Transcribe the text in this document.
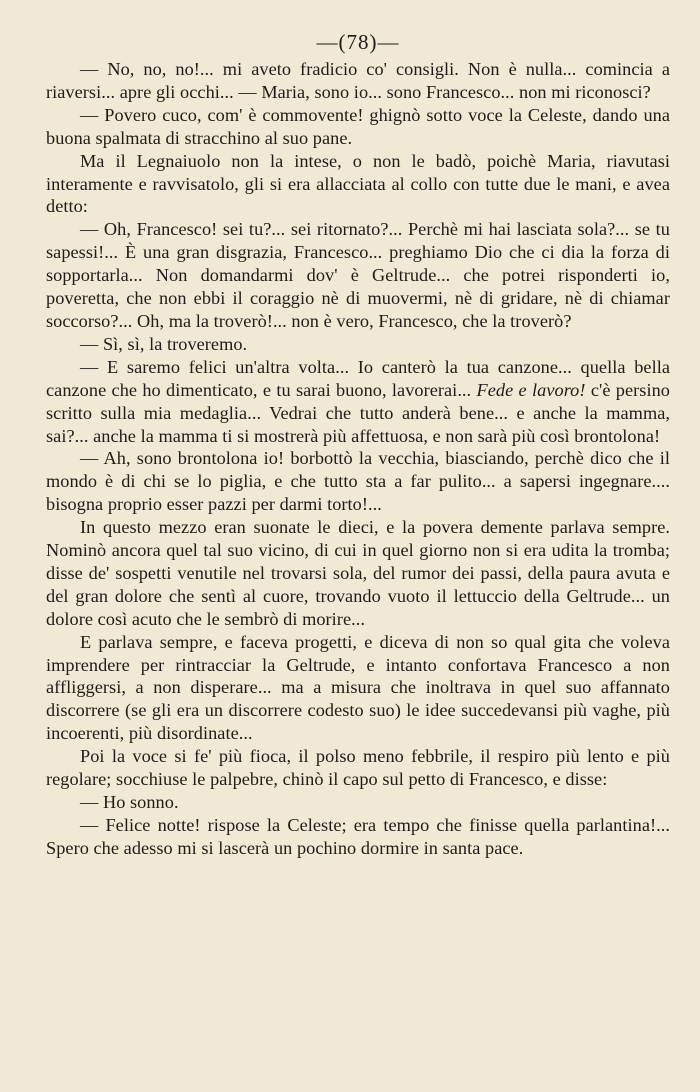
—(78)—

— No, no, no!... mi aveto fradicio co' consigli. Non è nulla... comincia a riaversi... apre gli occhi... — Maria, sono io... sono Francesco... non mi riconosci?

— Povero cuco, com' è commovente! ghignò sotto voce la Celeste, dando una buona spalmata di stracchino al suo pane.

Ma il Legnaiuolo non la intese, o non le badò, poichè Maria, riavutasi interamente e ravvisatolo, gli si era allacciata al collo con tutte due le mani, e avea detto:

— Oh, Francesco! sei tu?... sei ritornato?... Perchè mi hai lasciata sola?... se tu sapessi!... È una gran disgrazia, Francesco... preghiamo Dio che ci dia la forza di sopportarla... Non domandarmi dov' è Geltrude... che potrei risponderti io, poveretta, che non ebbi il coraggio nè di muovermi, nè di gridare, nè di chiamar soccorso?... Oh, ma la troverò!... non è vero, Francesco, che la troverò?

— Sì, sì, la troveremo.

— E saremo felici un'altra volta... Io canterò la tua canzone... quella bella canzone che ho dimenticato, e tu sarai buono, lavorerai... Fede e lavoro! c'è persino scritto sulla mia medaglia... Vedrai che tutto anderà bene... e anche la mamma, sai?... anche la mamma ti si mostrerà più affettuosa, e non sarà più così brontolona!

— Ah, sono brontolona io! borbottò la vecchia, biasciando, perchè dico che il mondo è di chi se lo piglia, e che tutto sta a far pulito... a sapersi ingegnare.... bisogna proprio esser pazzi per darmi torto!...

In questo mezzo eran suonate le dieci, e la povera demente parlava sempre. Nominò ancora quel tal suo vicino, di cui in quel giorno non si era udita la tromba; disse de' sospetti venutile nel trovarsi sola, del rumor dei passi, della paura avuta e del gran dolore che sentì al cuore, trovando vuoto il lettuccio della Geltrude... un dolore così acuto che le sembrò di morire...

E parlava sempre, e faceva progetti, e diceva di non so qual gita che voleva imprendere per rintracciar la Geltrude, e intanto confortava Francesco a non affliggersi, a non disperare... ma a misura che inoltrava in quel suo affannato discorrere (se gli era un discorrere codesto suo) le idee succedevansi più vaghe, più incoerenti, più disordinate...

Poi la voce si fe' più fioca, il polso meno febbrile, il respiro più lento e più regolare; socchiuse le palpebre, chinò il capo sul petto di Francesco, e disse:

— Ho sonno.

— Felice notte! rispose la Celeste; era tempo che finisse quella parlantina!... Spero che adesso mi si lascerà un pochino dormire in santa pace.
